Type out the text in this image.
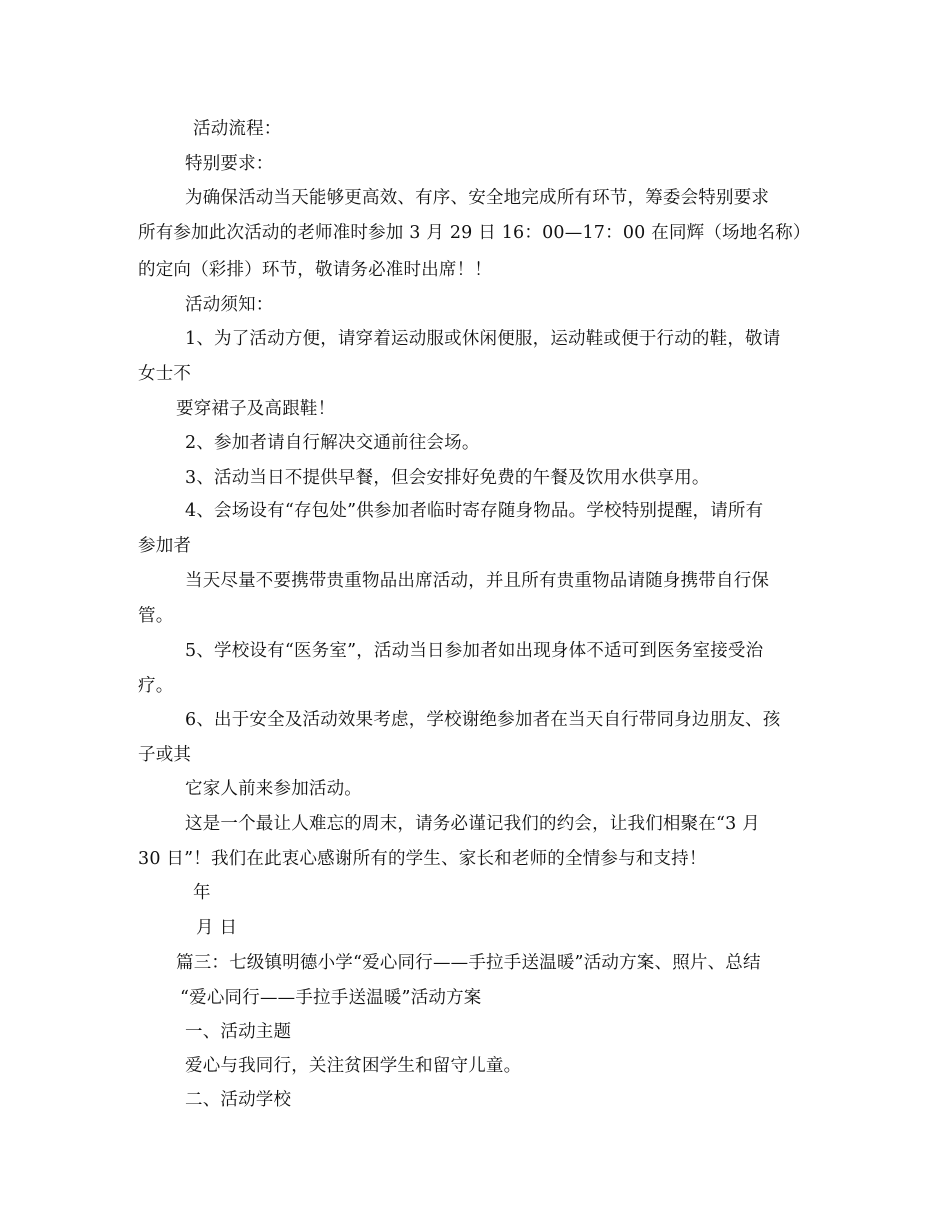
活动流程：
特别要求：
为确保活动当天能够更高效、有序、安全地完成所有环节，筹委会特别要求
所有参加此次活动的老师准时参加 3 月 29 日 16：00—17：00 在同辉（场地名称）
的定向（彩排）环节，敬请务必准时出席！！
活动须知：
1、为了活动方便，请穿着运动服或休闲便服，运动鞋或便于行动的鞋，敬请
女士不
要穿裙子及高跟鞋！
2、参加者请自行解决交通前往会场。
3、活动当日不提供早餐，但会安排好免费的午餐及饮用水供享用。
4、会场设有“存包处”供参加者临时寄存随身物品。学校特别提醒，请所有
参加者
当天尽量不要携带贵重物品出席活动，并且所有贵重物品请随身携带自行保
管。
5、学校设有“医务室”，活动当日参加者如出现身体不适可到医务室接受治
疗。
6、出于安全及活动效果考虑，学校谢绝参加者在当天自行带同身边朋友、孩
子或其
它家人前来参加活动。
这是一个最让人难忘的周末，请务必谨记我们的约会，让我们相聚在“3 月
30 日”！我们在此衷心感谢所有的学生、家长和老师的全情参与和支持！
年
月 日
篇三：七级镇明德小学“爱心同行——手拉手送温暖”活动方案、照片、总结
“爱心同行——手拉手送温暖”活动方案
一、活动主题
爱心与我同行，关注贫困学生和留守儿童。
二、活动学校
